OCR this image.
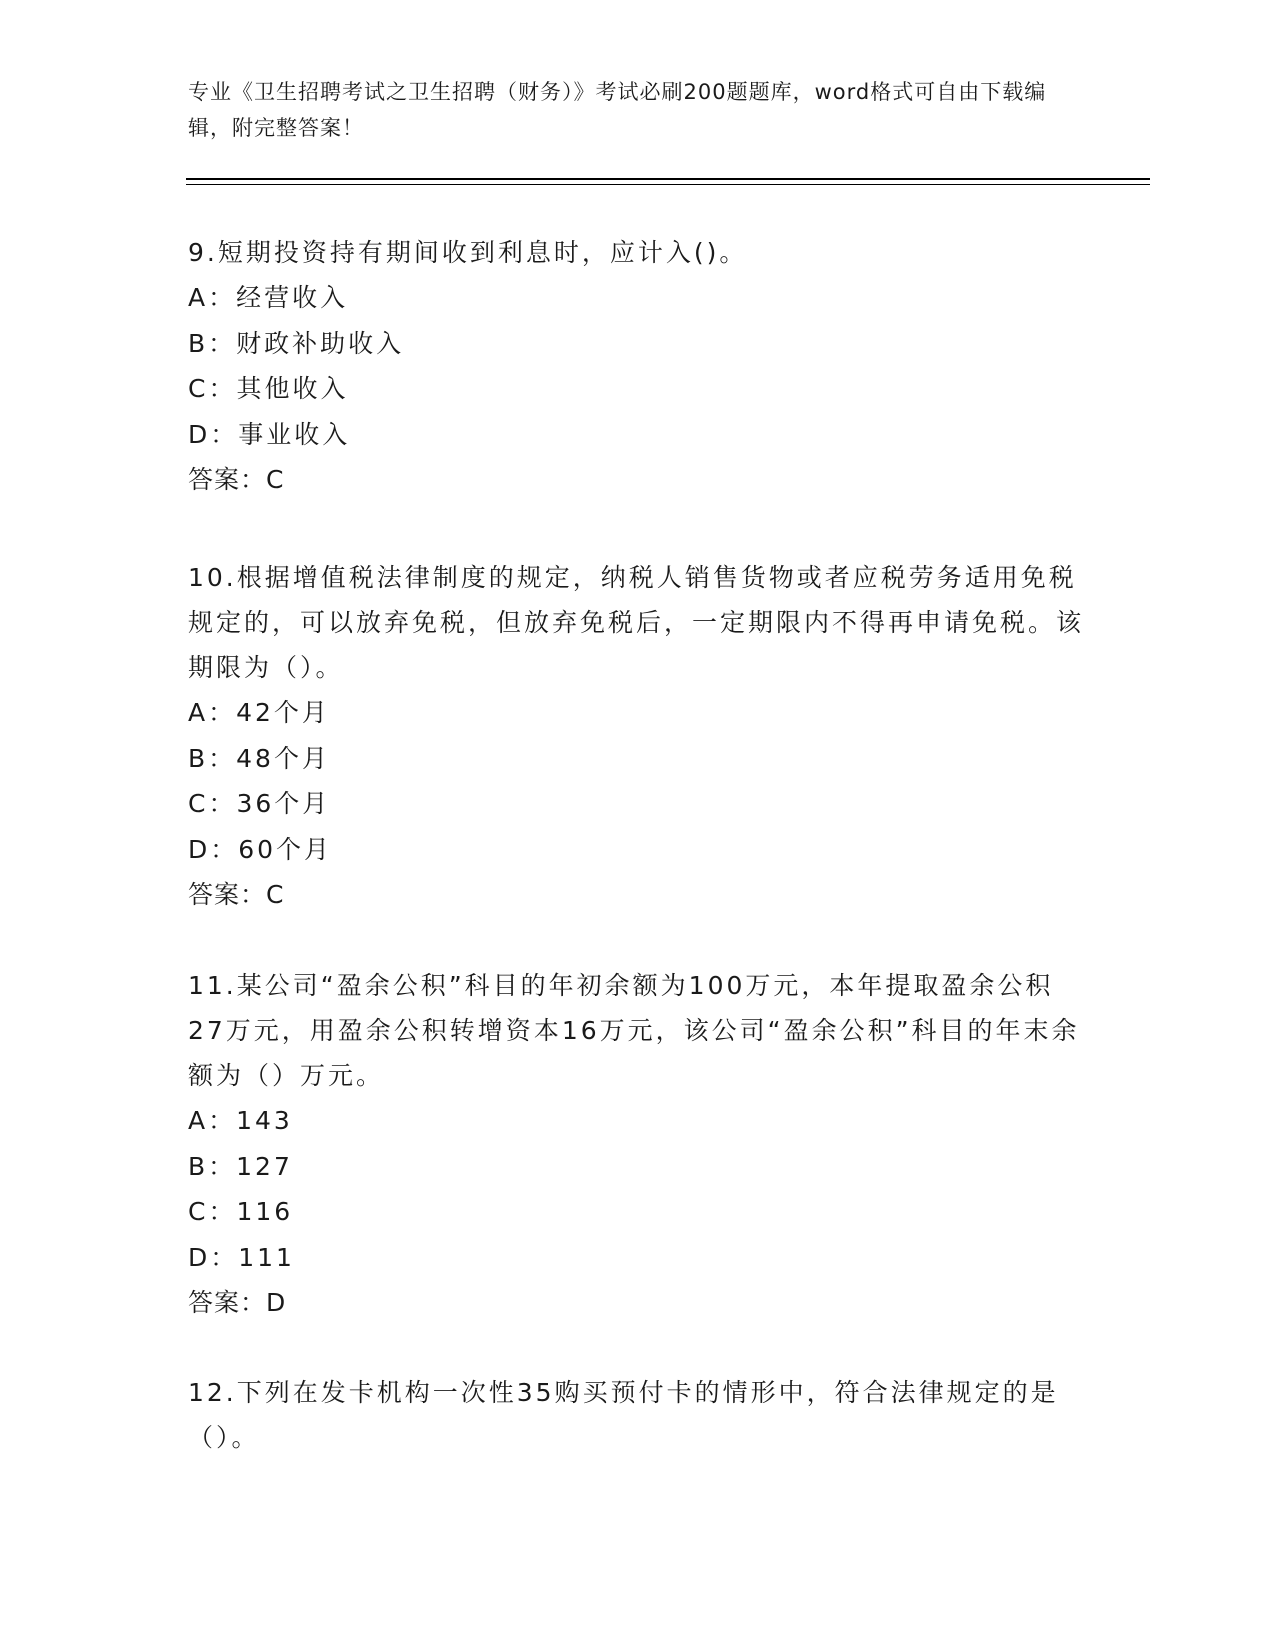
专业《卫生招聘考试之卫生招聘（财务）》考试必刷200题题库，word格式可自由下载编辑，附完整答案！

9.短期投资持有期间收到利息时，应计入()。

A：经营收入

B：财政补助收入

C：其他收入

D：事业收入

答案：C

10.根据增值税法律制度的规定，纳税人销售货物或者应税劳务适用免税规定的，可以放弃免税，但放弃免税后，一定期限内不得再申请免税。该期限为（）。

A：42个月

B：48个月

C：36个月

D：60个月

答案：C

11.某公司“盈余公积”科目的年初余额为100万元，本年提取盈余公积27万元，用盈余公积转增资本16万元，该公司“盈余公积”科目的年末余额为（）万元。

A：143

B：127

C：116

D：111

答案：D

12.下列在发卡机构一次性35购买预付卡的情形中，符合法律规定的是（）。
